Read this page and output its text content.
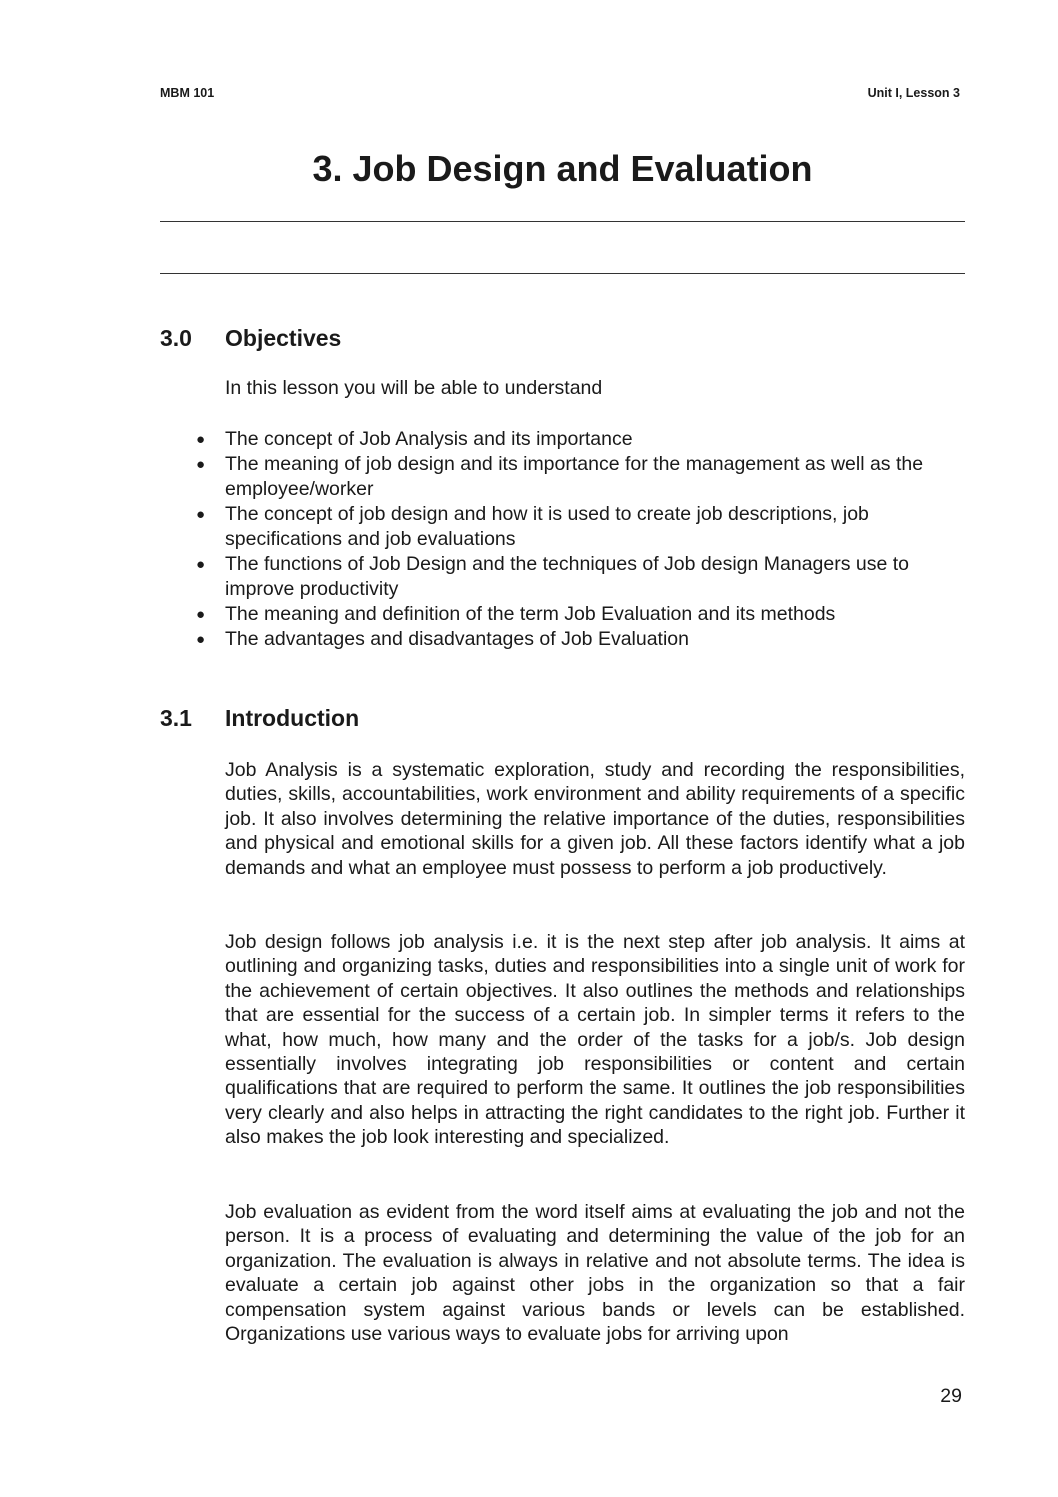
MBM 101	Unit I, Lesson 3
3. Job Design and Evaluation
3.0	Objectives

In this lesson you will be able to understand

● The concept of Job Analysis and its importance
● The meaning of job design and its importance for the management as well as the employee/worker
● The concept of job design and how it is used to create job descriptions, job specifications and job evaluations
● The functions of Job Design and the techniques of Job design Managers use to improve productivity
● The meaning and definition of the term Job Evaluation and its methods
● The advantages and disadvantages of Job Evaluation
3.1	Introduction

Job Analysis is a systematic exploration, study and recording the responsibilities, duties, skills, accountabilities, work environment and ability requirements of a specific job. It also involves determining the relative importance of the duties, responsibilities and physical and emotional skills for a given job. All these factors identify what a job demands and what an employee must possess to perform a job productively.

Job design follows job analysis i.e. it is the next step after job analysis. It aims at outlining and organizing tasks, duties and responsibilities into a single unit of work for the achievement of certain objectives. It also outlines the methods and relationships that are essential for the success of a certain job. In simpler terms it refers to the what, how much, how many and the order of the tasks for a job/s. Job design essentially involves integrating job responsibilities or content and certain qualifications that are required to perform the same. It outlines the job responsibilities very clearly and also helps in attracting the right candidates to the right job. Further it also makes the job look interesting and specialized.

Job evaluation as evident from the word itself aims at evaluating the job and not the person. It is a process of evaluating and determining the value of the job for an organization. The evaluation is always in relative and not absolute terms. The idea is evaluate a certain job against other jobs in the organization so that a fair compensation system against various bands or levels can be established. Organizations use various ways to evaluate jobs for arriving upon

29
